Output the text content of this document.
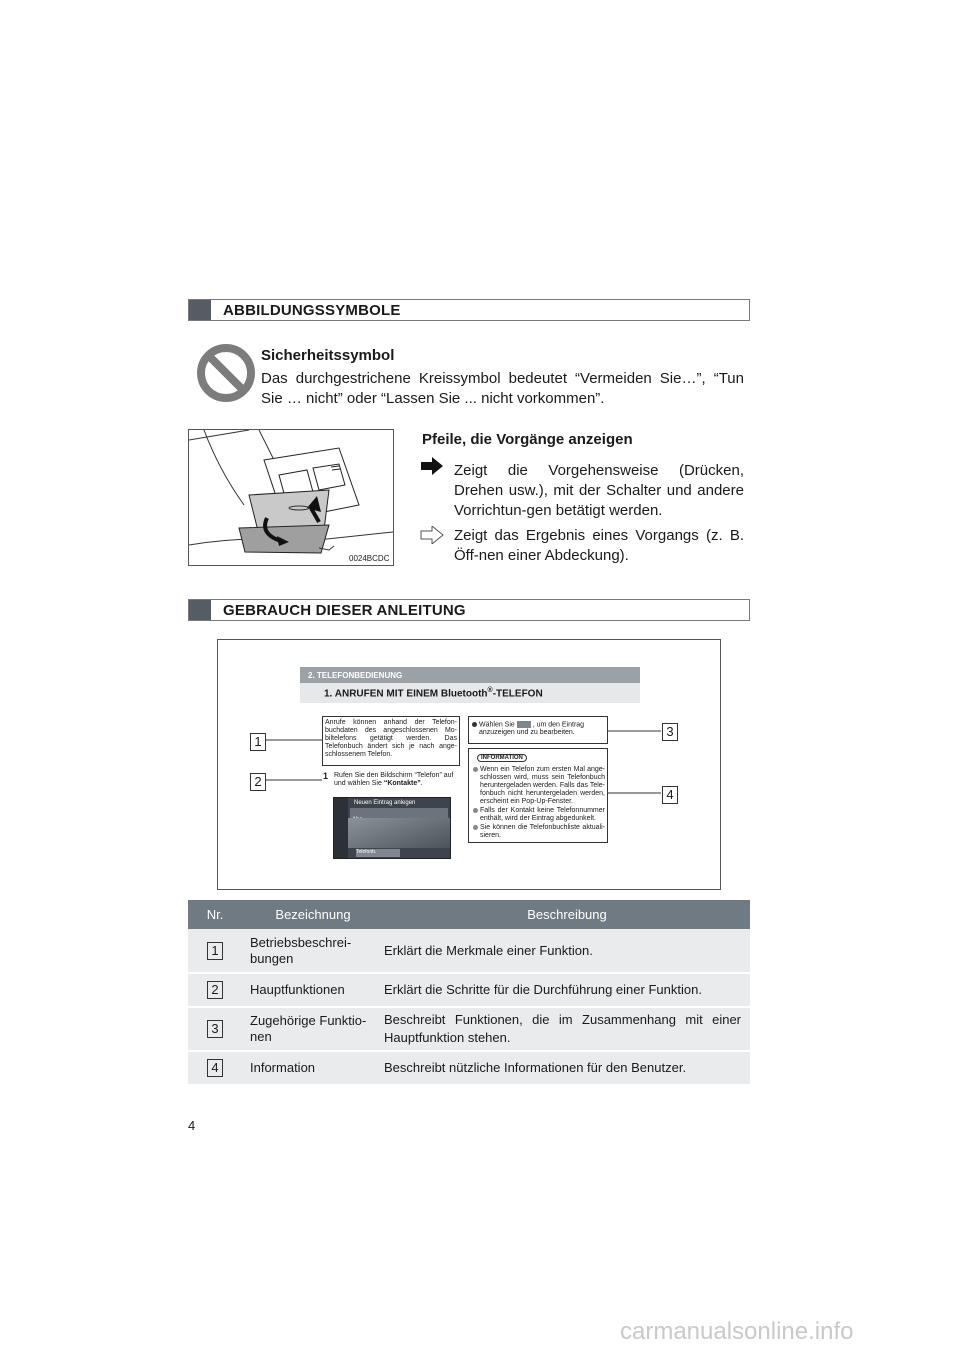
ABBILDUNGSSYMBOLE
Sicherheitssymbol
Das durchgestrichene Kreissymbol bedeutet “Vermeiden Sie…”, “Tun Sie … nicht” oder “Lassen Sie ... nicht vorkommen”.
0024BCDC
Pfeile, die Vorgänge anzeigen
Zeigt die Vorgehensweise (Drücken, Drehen usw.), mit der Schalter und andere Vorrichtun-gen betätigt werden.
Zeigt das Ergebnis eines Vorgangs (z. B. Öff-nen einer Abdeckung).
GEBRAUCH DIESER ANLEITUNG
2. TELEFONBEDIENUNG
1. ANRUFEN MIT EINEM Bluetooth®-TELEFON
Anrufe können anhand der Telefon-buchdaten des angeschlossenen Mo-biltelefons getätigt werden. Das Telefonbuch ändert sich je nach ange-schlossenem Telefon.
1 Rufen Sie den Bildschirm “Telefon” auf und wählen Sie “Kontakte”.
Neuen Eintrag anlegen
Telefonb.
Wählen Sie	, um den Eintrag anzuzeigen und zu bearbeiten.
INFORMATION
Wenn ein Telefon zum ersten Mal ange-schlossen wird, muss sein Telefonbuch heruntergeladen werden. Falls das Tele-fonbuch nicht heruntergeladen werden, erscheint ein Pop-Up-Fenster.
Falls der Kontakt keine Telefonnummer enthält, wird der Eintrag abgedunkelt.
Sie können die Telefonbuchliste aktuali-sieren.
1
2
3
4
Nr.	Bezeichnung	Beschreibung
1	Betriebsbeschrei-bungen	Erklärt die Merkmale einer Funktion.
2	Hauptfunktionen	Erklärt die Schritte für die Durchführung einer Funktion.
3	Zugehörige Funktio-nen	Beschreibt Funktionen, die im Zusammenhang mit einer Hauptfunktion stehen.
4	Information	Beschreibt nützliche Informationen für den Benutzer.
4
carmanualsonline.info
